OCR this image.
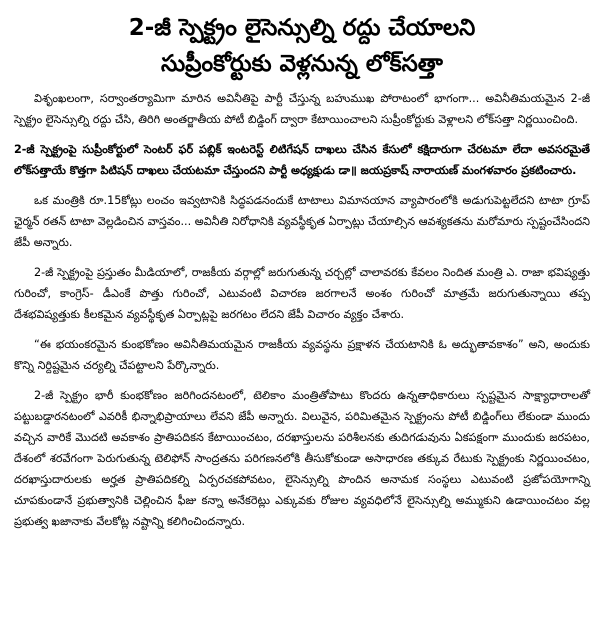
2-జీ స్పెక్ట్రం లైసెన్సుల్ని రద్దు చేయాలని
సుప్రీంకోర్టుకు వెళ్లనున్న లోక్‌సత్తా

విశృంఖలంగా, సర్వాంతర్యామిగా మారిన అవినీతిపై పార్టీ చేస్తున్న బహుముఖ పోరాటంలో భాగంగా... అవినీతిమయమైన 2-జీ స్పెక్ట్రం లైసెన్సుల్ని రద్దు చేసి, తిరిగి అంతర్జాతీయ పోటీ బిడ్డింగ్ ద్వారా కేటాయించాలని సుప్రీంకోర్టుకు వెళ్లాలని లోక్‌సత్తా నిర్ణయించింది.

2-జీ స్పెక్ట్రంపై సుప్రీంకోర్టులో సెంటర్ ఫర్ పబ్లిక్ ఇంటరెస్ట్ లిటిగేషన్ దాఖలు చేసిన కేసులో కక్షిదారుగా చేరటమా లేదా అవసరమైతే లోక్‌సత్తాయే కొత్తగా పిటిషన్ దాఖలు చేయటమా చేస్తుందని పార్టీ అధ్యక్షుడు డా॥ జయప్రకాష్ నారాయణ్ మంగళవారం ప్రకటించారు.

ఒక మంత్రికి రూ.15కోట్లు లంచం ఇవ్వటానికి సిద్ధపడనందుకే టాటాలు విమానయాన వ్యాపారంలోకి అడుగుపెట్టలేదని టాటా గ్రూప్ ఛైర్మన్ రతన్ టాటా వెల్లడించిన వాస్తవం... అవినీతి నిరోధానికి వ్యవస్థీకృత ఏర్పాట్లు చేయాల్సిన ఆవశ్యకతను మరోమారు స్పష్టంచేసిందని జేపీ అన్నారు.

2-జీ స్పెక్ట్రంపై ప్రస్తుతం మీడియాలో, రాజకీయ వర్గాల్లో జరుగుతున్న చర్చల్లో చాలావరకు కేవలం నిందిత మంత్రి ఎ. రాజా భవిష్యత్తు గురించో, కాంగ్రెస్- డీఎంకే పొత్తు గురించో, ఎటువంటి విచారణ జరగాలనే అంశం గురించో మాత్రమే జరుగుతున్నాయి తప్ప దేశభవిష్యత్తుకు కీలకమైన వ్యవస్థీకృత ఏర్పాట్లపై జరగటం లేదని జేపీ విచారం వ్యక్తం చేశారు.

“ఈ భయంకరమైన కుంభకోణం అవినీతిమయమైన రాజకీయ వ్యవస్థను ప్రక్షాళన చేయటానికి ఓ అద్భుతావకాశం” అని, అందుకు కొన్ని నిర్దిష్టమైన చర్యల్ని చేపట్టాలని పేర్కొన్నారు.

2-జీ స్పెక్ట్రం భారీ కుంభకోణం జరిగిందనటంలో, టెలికాం మంత్రితోపాటు కొందరు ఉన్నతాధికారులు స్పష్టమైన సాక్ష్యాధారాలతో పట్టుబడ్డారనటంలో ఎవరికీ భిన్నాభిప్రాయాలు లేవని జేపీ అన్నారు. విలువైన, పరిమితమైన స్పెక్ట్రంను పోటీ బిడ్డింగ్‌లు లేకుండా ముందు వచ్చిన వారికే మొదటి అవకాశం ప్రాతిపదికన కేటాయించటం, దరఖాస్తులను పరిశీలనకు తుదిగడువును ఏకపక్షంగా ముందుకు జరపటం, దేశంలో శరవేగంగా పెరుగుతున్న టెలిఫోన్ సాంద్రతను పరిగణనలోకి తీసుకోకుండా అసాధారణ తక్కువ రేటుకు స్పెక్ట్రంకు నిర్ణయించటం, దరఖాస్తుదారులకు అర్హత ప్రాతిపదికల్ని ఏర్పరచకపోవటం, లైసెన్సుల్ని పొందిన అనామక సంస్థలు ఎటువంటి ప్రజోపయోగాన్ని చూపకుండానే ప్రభుత్వానికి చెల్లించిన ఫీజు కన్నా అనేకరెట్లు ఎక్కువకు రోజుల వ్యవధిలోనే లైసెన్సుల్ని అమ్ముకుని ఉడాయించటం వల్ల ప్రభుత్వ ఖజానాకు వేలకోట్ల నష్టాన్ని కలిగించిందన్నారు.
